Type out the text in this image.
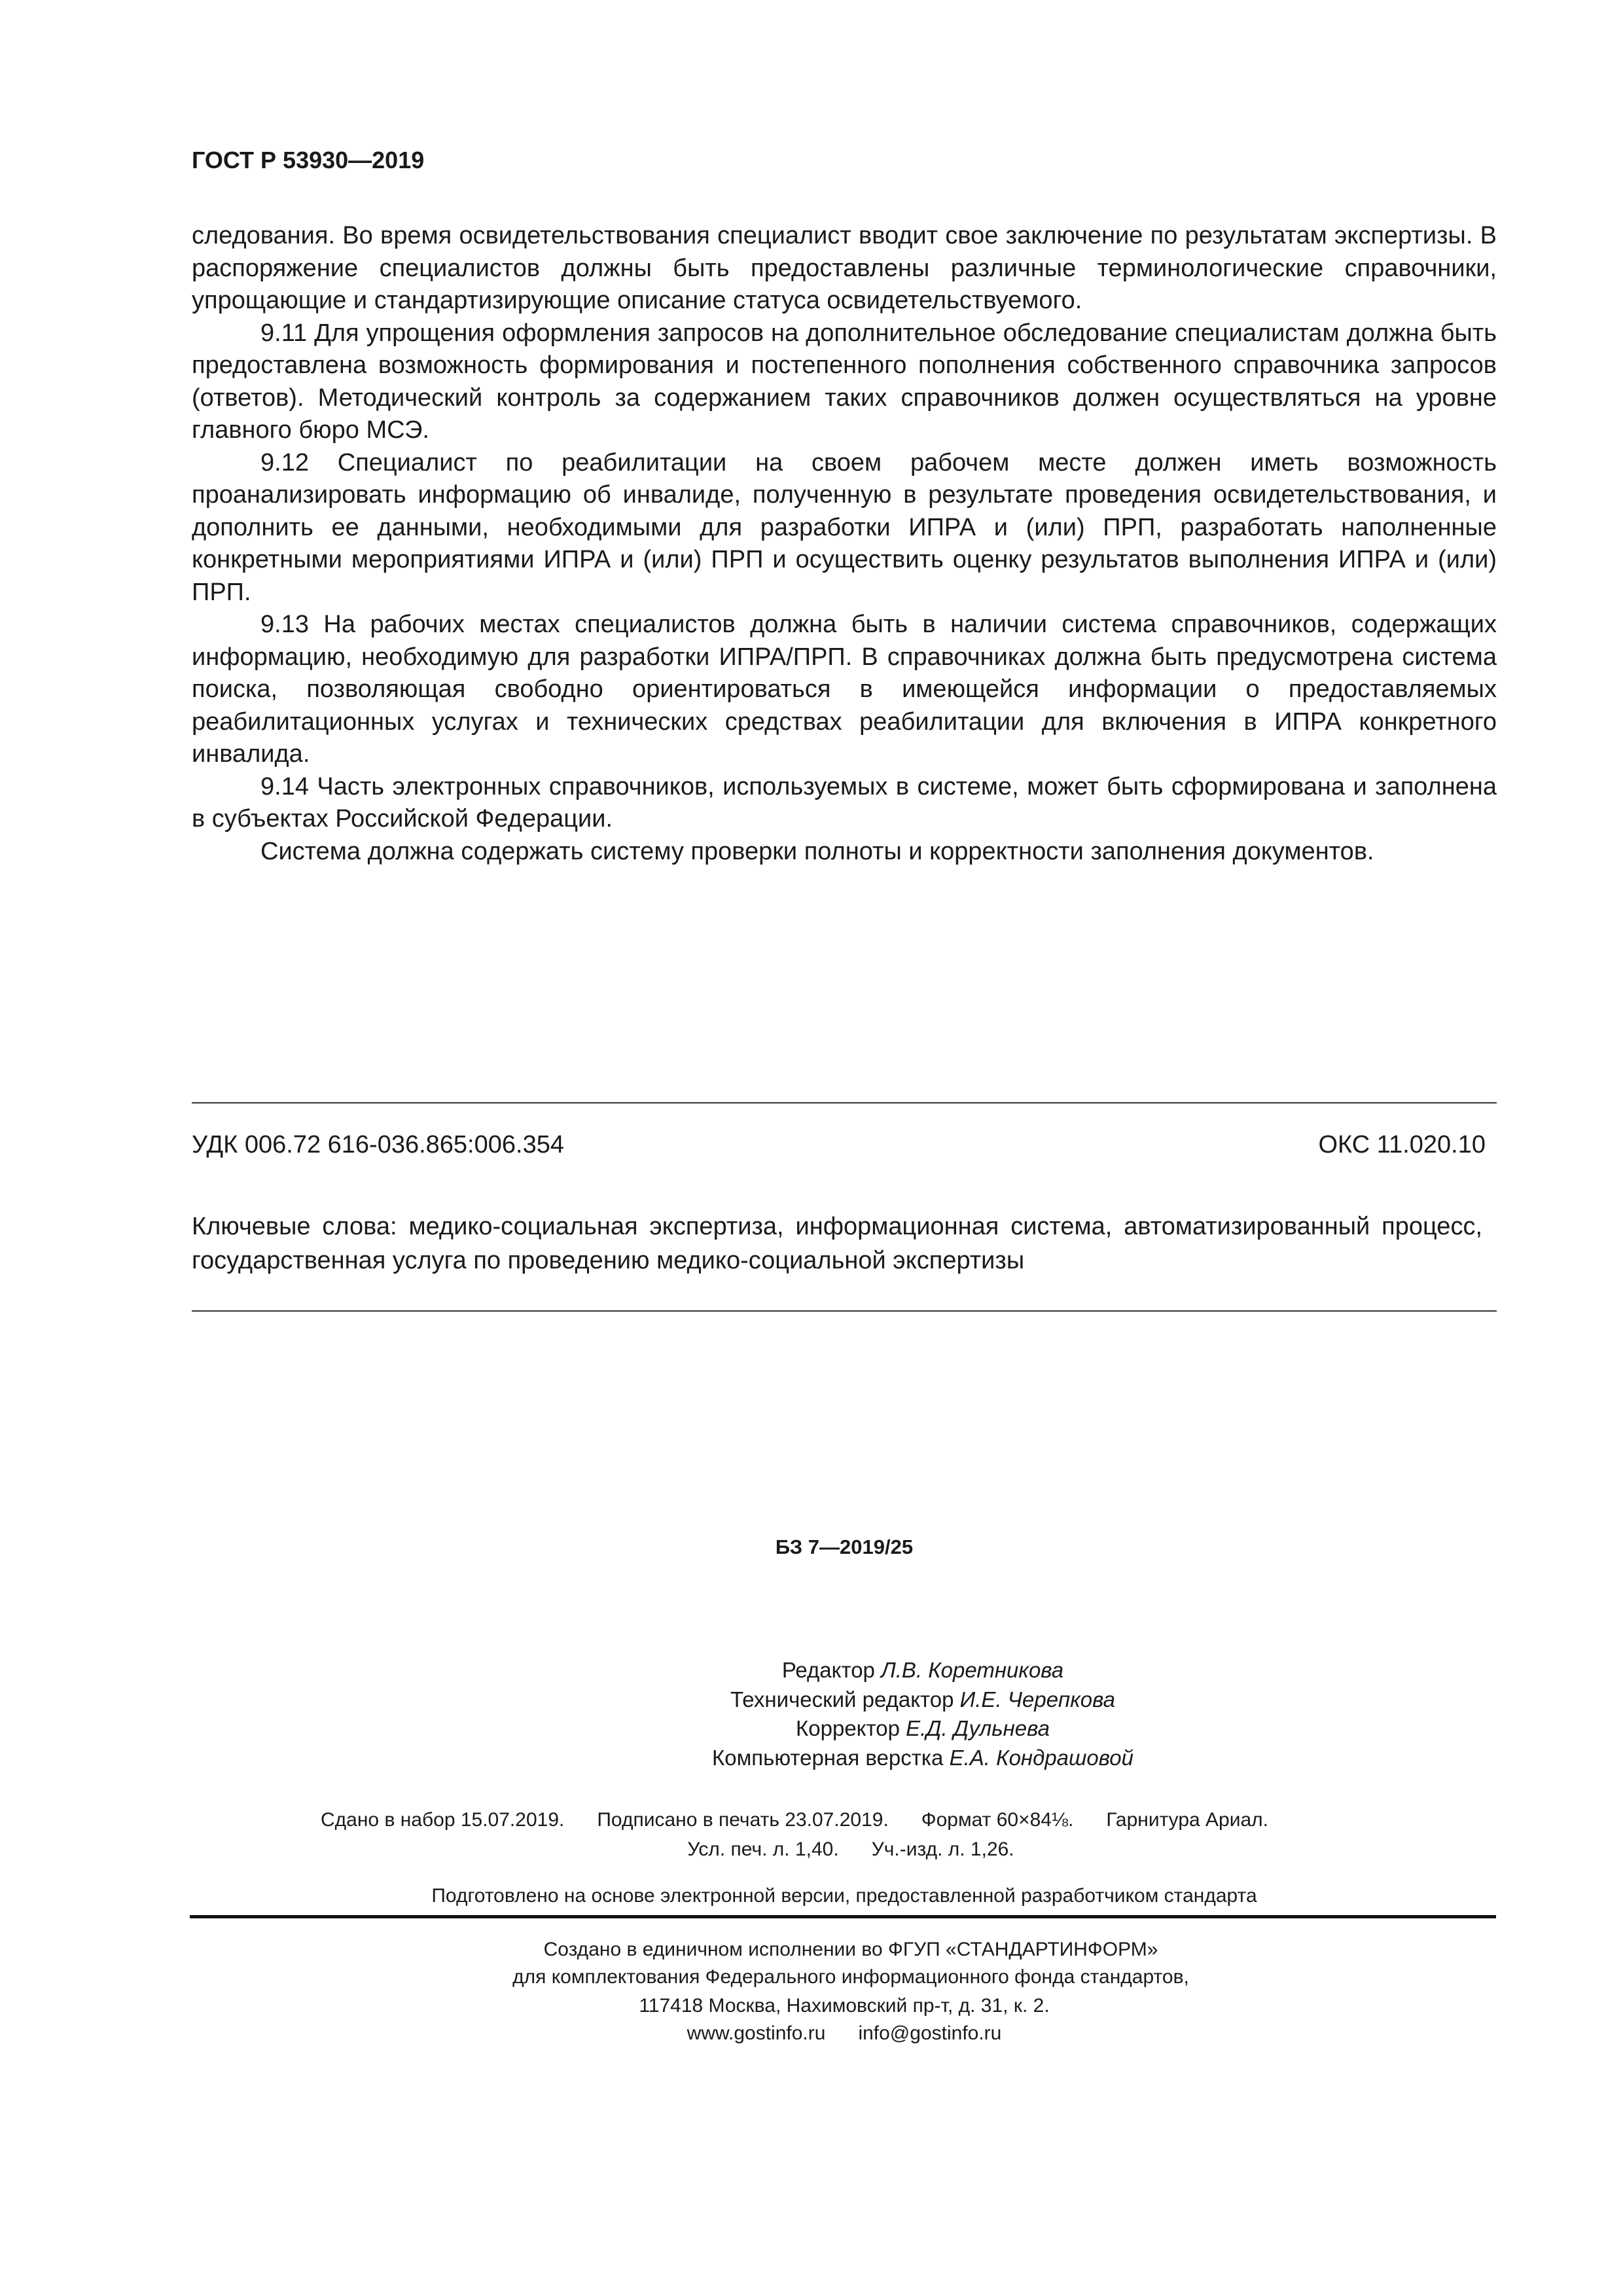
ГОСТ Р 53930—2019

следования. Во время освидетельствования специалист вводит свое заключение по результатам экспертизы. В распоряжение специалистов должны быть предоставлены различные терминологические справочники, упрощающие и стандартизирующие описание статуса освидетельствуемого.

9.11 Для упрощения оформления запросов на дополнительное обследование специалистам должна быть предоставлена возможность формирования и постепенного пополнения собственного справочника запросов (ответов). Методический контроль за содержанием таких справочников должен осуществляться на уровне главного бюро МСЭ.

9.12 Специалист по реабилитации на своем рабочем месте должен иметь возможность проанализировать информацию об инвалиде, полученную в результате проведения освидетельствования, и дополнить ее данными, необходимыми для разработки ИПРА и (или) ПРП, разработать наполненные конкретными мероприятиями ИПРА и (или) ПРП и осуществить оценку результатов выполнения ИПРА и (или) ПРП.

9.13 На рабочих местах специалистов должна быть в наличии система справочников, содержащих информацию, необходимую для разработки ИПРА/ПРП. В справочниках должна быть предусмотрена система поиска, позволяющая свободно ориентироваться в имеющейся информации о предоставляемых реабилитационных услугах и технических средствах реабилитации для включения в ИПРА конкретного инвалида.

9.14 Часть электронных справочников, используемых в системе, может быть сформирована и заполнена в субъектах Российской Федерации.

Система должна содержать систему проверки полноты и корректности заполнения документов.

УДК 006.72 616-036.865:006.354	ОКС 11.020.10
Ключевые слова: медико-социальная экспертиза, информационная система, автоматизированный процесс, государственная услуга по проведению медико-социальной экспертизы
БЗ 7—2019/25
Редактор Л.В. Коретникова
Технический редактор И.Е. Черепкова
Корректор Е.Д. Дульнева
Компьютерная верстка Е.А. Кондрашовой
Сдано в набор 15.07.2019. Подписано в печать 23.07.2019. Формат 60×84⅛. Гарнитура Ариал.
Усл. печ. л. 1,40. Уч.-изд. л. 1,26.
Подготовлено на основе электронной версии, предоставленной разработчиком стандарта
Создано в единичном исполнении во ФГУП «СТАНДАРТИНФОРМ»
для комплектования Федерального информационного фонда стандартов,
117418 Москва, Нахимовский пр-т, д. 31, к. 2.
www.gostinfo.ru info@gostinfo.ru
